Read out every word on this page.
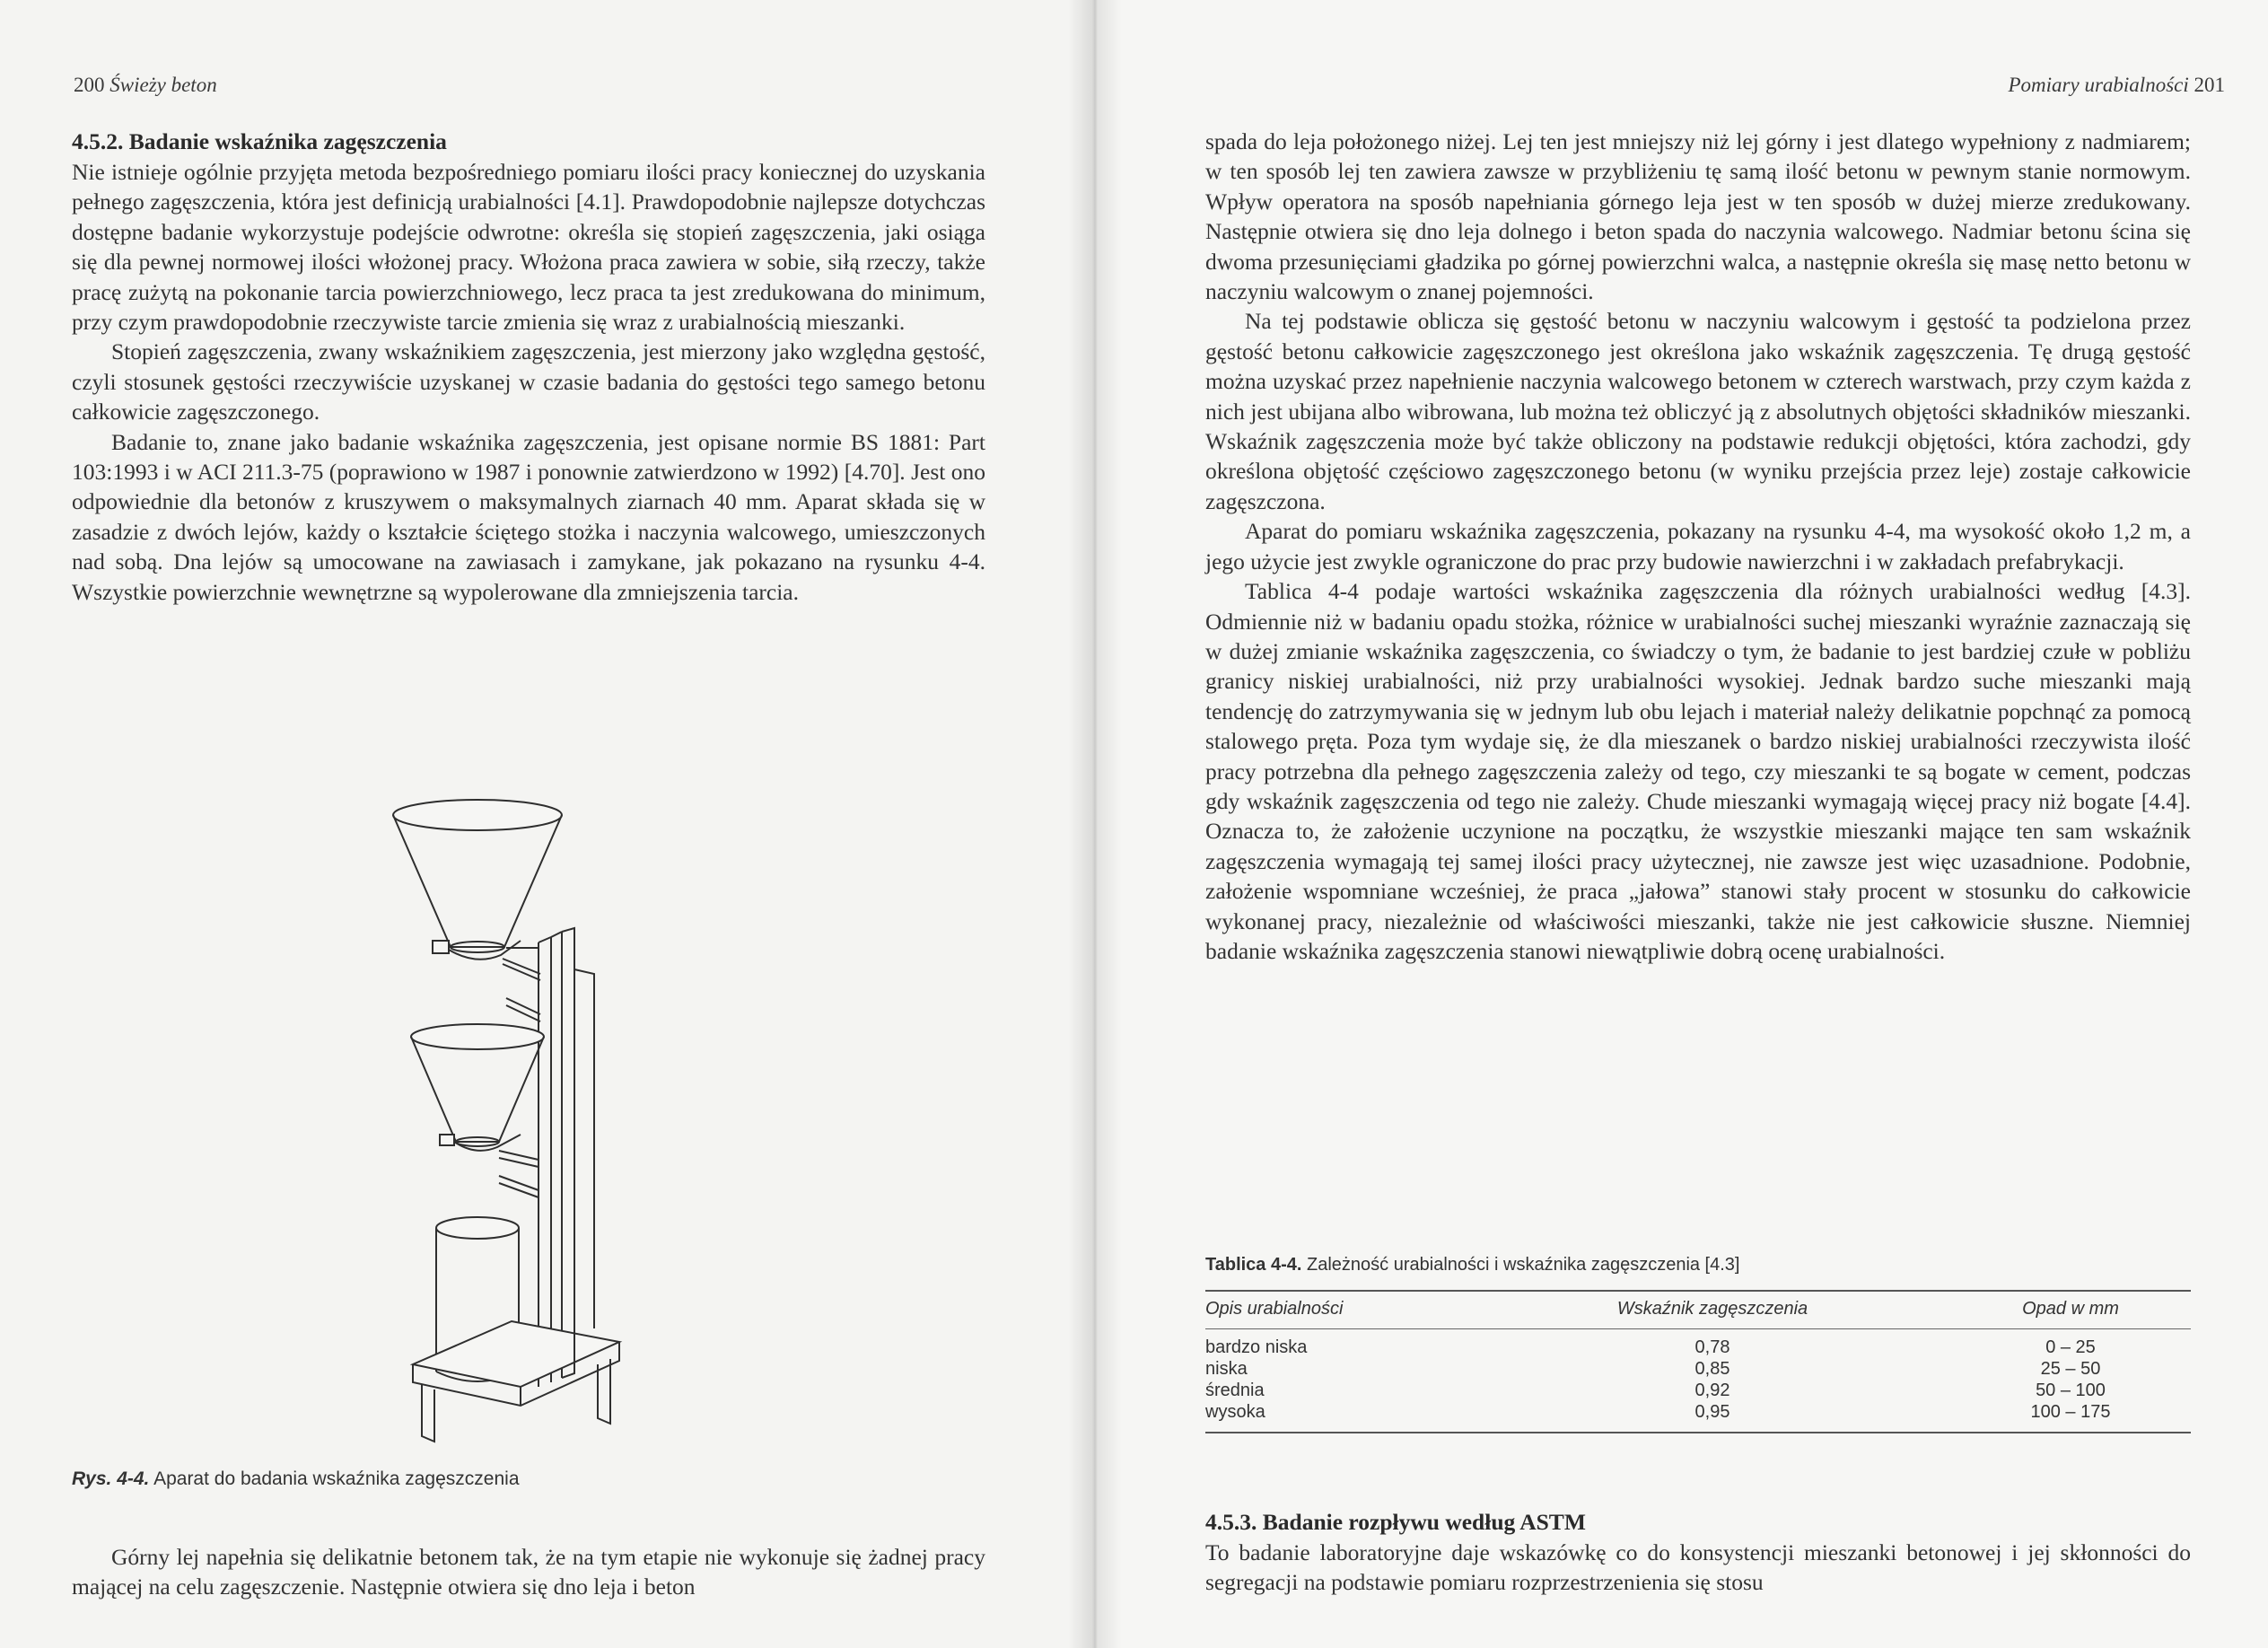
200 Świeży beton
4.5.2. Badanie wskaźnika zagęszczenia

Nie istnieje ogólnie przyjęta metoda bezpośredniego pomiaru ilości pracy koniecznej do uzyskania pełnego zagęszczenia, która jest definicją urabialności [4.1]. Prawdopodobnie najlepsze dotychczas dostępne badanie wykorzystuje podejście odwrotne: określa się stopień zagęszczenia, jaki osiąga się dla pewnej normowej ilości włożonej pracy. Włożona praca zawiera w sobie, siłą rzeczy, także pracę zużytą na pokonanie tarcia powierzchniowego, lecz praca ta jest zredukowana do minimum, przy czym prawdopodobnie rzeczywiste tarcie zmienia się wraz z urabialnością mieszanki.

Stopień zagęszczenia, zwany wskaźnikiem zagęszczenia, jest mierzony jako względna gęstość, czyli stosunek gęstości rzeczywiście uzyskanej w czasie badania do gęstości tego samego betonu całkowicie zagęszczonego.

Badanie to, znane jako badanie wskaźnika zagęszczenia, jest opisane normie BS 1881: Part 103:1993 i w ACI 211.3-75 (poprawiono w 1987 i ponownie zatwierdzono w 1992) [4.70]. Jest ono odpowiednie dla betonów z kruszywem o maksymalnych ziarnach 40 mm. Aparat składa się w zasadzie z dwóch lejów, każdy o kształcie ściętego stożka i naczynia walcowego, umieszczonych nad sobą. Dna lejów są umocowane na zawiasach i zamykane, jak pokazano na rysunku 4-4. Wszystkie powierzchnie wewnętrzne są wypolerowane dla zmniejszenia tarcia.

Rys. 4-4. Aparat do badania wskaźnika zagęszczenia

Górny lej napełnia się delikatnie betonem tak, że na tym etapie nie wykonuje się żadnej pracy mającej na celu zagęszczenie. Następnie otwiera się dno leja i beton

Pomiary urabialności 201

spada do leja położonego niżej. Lej ten jest mniejszy niż lej górny i jest dlatego wypełniony z nadmiarem; w ten sposób lej ten zawiera zawsze w przybliżeniu tę samą ilość betonu w pewnym stanie normowym. Wpływ operatora na sposób napełniania górnego leja jest w ten sposób w dużej mierze zredukowany. Następnie otwiera się dno leja dolnego i beton spada do naczynia walcowego. Nadmiar betonu ścina się dwoma przesunięciami gładzika po górnej powierzchni walca, a następnie określa się masę netto betonu w naczyniu walcowym o znanej pojemności.

Na tej podstawie oblicza się gęstość betonu w naczyniu walcowym i gęstość ta podzielona przez gęstość betonu całkowicie zagęszczonego jest określona jako wskaźnik zagęszczenia. Tę drugą gęstość można uzyskać przez napełnienie naczynia walcowego betonem w czterech warstwach, przy czym każda z nich jest ubijana albo wibrowana, lub można też obliczyć ją z absolutnych objętości składników mieszanki. Wskaźnik zagęszczenia może być także obliczony na podstawie redukcji objętości, która zachodzi, gdy określona objętość częściowo zagęszczonego betonu (w wyniku przejścia przez leje) zostaje całkowicie zagęszczona.

Aparat do pomiaru wskaźnika zagęszczenia, pokazany na rysunku 4-4, ma wysokość około 1,2 m, a jego użycie jest zwykle ograniczone do prac przy budowie nawierzchni i w zakładach prefabrykacji.

Tablica 4-4 podaje wartości wskaźnika zagęszczenia dla różnych urabialności według [4.3]. Odmiennie niż w badaniu opadu stożka, różnice w urabialności suchej mieszanki wyraźnie zaznaczają się w dużej zmianie wskaźnika zagęszczenia, co świadczy o tym, że badanie to jest bardziej czułe w pobliżu granicy niskiej urabialności, niż przy urabialności wysokiej. Jednak bardzo suche mieszanki mają tendencję do zatrzymywania się w jednym lub obu lejach i materiał należy delikatnie popchnąć za pomocą stalowego pręta. Poza tym wydaje się, że dla mieszanek o bardzo niskiej urabialności rzeczywista ilość pracy potrzebna dla pełnego zagęszczenia zależy od tego, czy mieszanki te są bogate w cement, podczas gdy wskaźnik zagęszczenia od tego nie zależy. Chude mieszanki wymagają więcej pracy niż bogate [4.4]. Oznacza to, że założenie uczynione na początku, że wszystkie mieszanki mające ten sam wskaźnik zagęszczenia wymagają tej samej ilości pracy użytecznej, nie zawsze jest więc uzasadnione. Podobnie, założenie wspomniane wcześniej, że praca „jałowa” stanowi stały procent w stosunku do całkowicie wykonanej pracy, niezależnie od właściwości mieszanki, także nie jest całkowicie słuszne. Niemniej badanie wskaźnika zagęszczenia stanowi niewątpliwie dobrą ocenę urabialności.

Tablica 4-4. Zależność urabialności i wskaźnika zagęszczenia [4.3]
Opis urabialności	Wskaźnik zagęszczenia	Opad w mm
bardzo niska	0,78	0 – 25
niska	0,85	25 – 50
średnia	0,92	50 – 100
wysoka	0,95	100 – 175
4.5.3. Badanie rozpływu według ASTM

To badanie laboratoryjne daje wskazówkę co do konsystencji mieszanki betonowej i jej skłonności do segregacji na podstawie pomiaru rozprzestrzenienia się stosu
